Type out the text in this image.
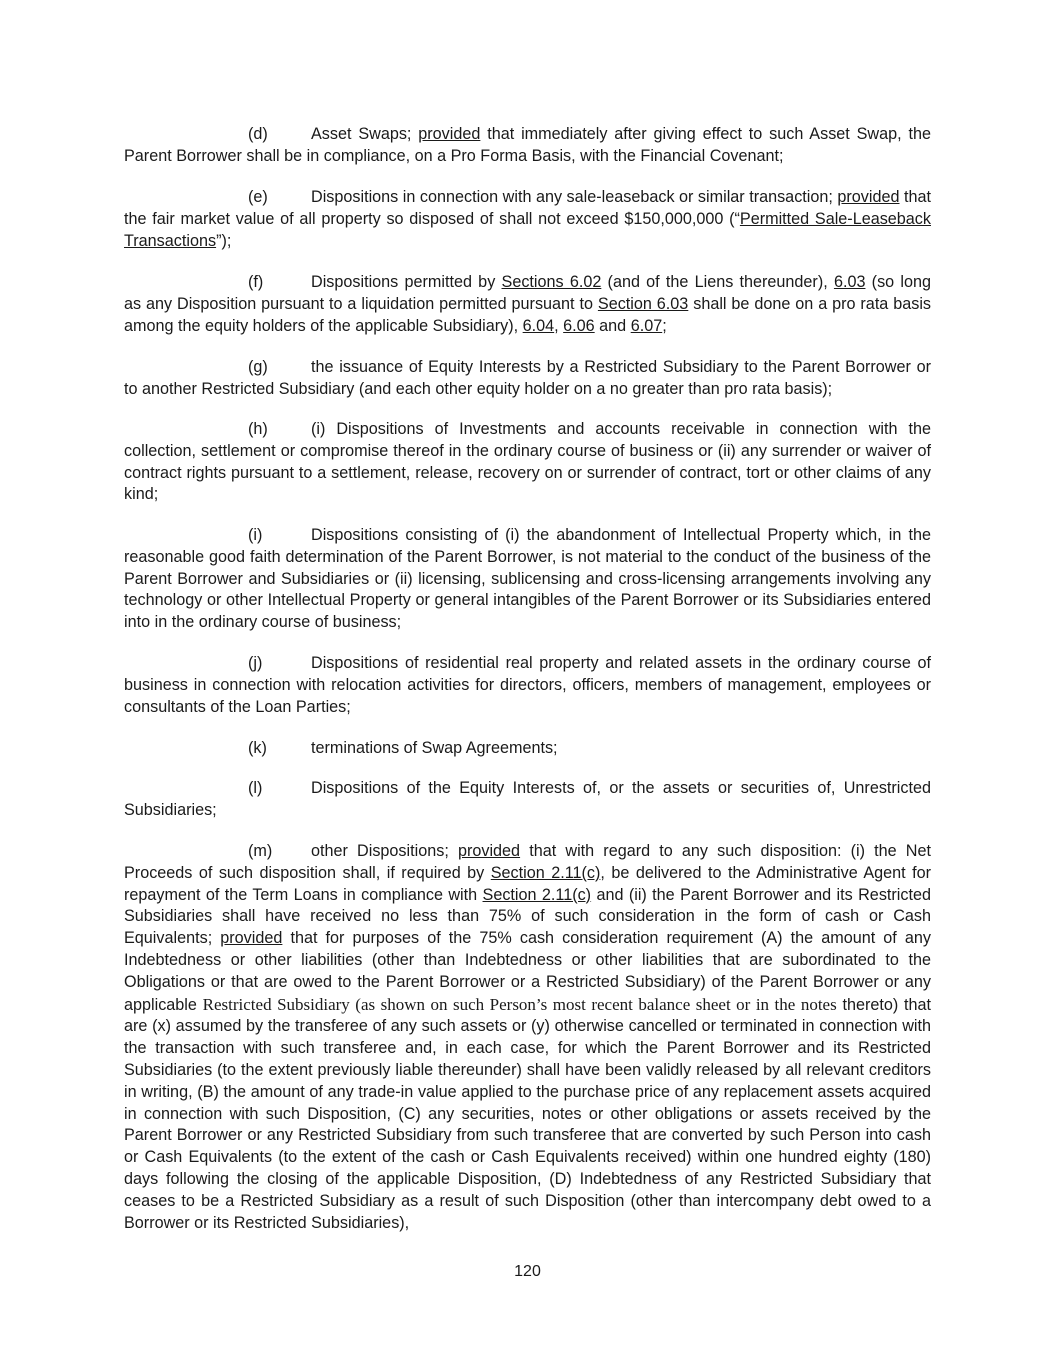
(d)	Asset Swaps; provided that immediately after giving effect to such Asset Swap, the Parent Borrower shall be in compliance, on a Pro Forma Basis, with the Financial Covenant;

(e)	Dispositions in connection with any sale-leaseback or similar transaction; provided that the fair market value of all property so disposed of shall not exceed $150,000,000 (“Permitted Sale-Leaseback Transactions”);

(f)	Dispositions permitted by Sections 6.02 (and of the Liens thereunder), 6.03 (so long as any Disposition pursuant to a liquidation permitted pursuant to Section 6.03 shall be done on a pro rata basis among the equity holders of the applicable Subsidiary), 6.04, 6.06 and 6.07;

(g)	the issuance of Equity Interests by a Restricted Subsidiary to the Parent Borrower or to another Restricted Subsidiary (and each other equity holder on a no greater than pro rata basis);

(h)	(i) Dispositions of Investments and accounts receivable in connection with the collection, settlement or compromise thereof in the ordinary course of business or (ii) any surrender or waiver of contract rights pursuant to a settlement, release, recovery on or surrender of contract, tort or other claims of any kind;

(i)	Dispositions consisting of (i) the abandonment of Intellectual Property which, in the reasonable good faith determination of the Parent Borrower, is not material to the conduct of the business of the Parent Borrower and Subsidiaries or (ii) licensing, sublicensing and cross-licensing arrangements involving any technology or other Intellectual Property or general intangibles of the Parent Borrower or its Subsidiaries entered into in the ordinary course of business;

(j)	Dispositions of residential real property and related assets in the ordinary course of business in connection with relocation activities for directors, officers, members of management, employees or consultants of the Loan Parties;

(k)	terminations of Swap Agreements;

(l)	Dispositions of the Equity Interests of, or the assets or securities of, Unrestricted Subsidiaries;

(m) other Dispositions; provided that with regard to any such disposition: (i) the Net Proceeds of such disposition shall, if required by Section 2.11(c), be delivered to the Administrative Agent for repayment of the Term Loans in compliance with Section 2.11(c) and (ii) the Parent Borrower and its Restricted Subsidiaries shall have received no less than 75% of such consideration in the form of cash or Cash Equivalents; provided that for purposes of the 75% cash consideration requirement (A) the amount of any Indebtedness or other liabilities (other than Indebtedness or other liabilities that are subordinated to the Obligations or that are owed to the Parent Borrower or a Restricted Subsidiary) of the Parent Borrower or any applicable Restricted Subsidiary (as shown on such Person’s most recent balance sheet or in the notes thereto) that are (x) assumed by the transferee of any such assets or (y) otherwise cancelled or terminated in connection with the transaction with such transferee and, in each case, for which the Parent Borrower and its Restricted Subsidiaries (to the extent previously liable thereunder) shall have been validly released by all relevant creditors in writing, (B) the amount of any trade-in value applied to the purchase price of any replacement assets acquired in connection with such Disposition, (C) any securities, notes or other obligations or assets received by the Parent Borrower or any Restricted Subsidiary from such transferee that are converted by such Person into cash or Cash Equivalents (to the extent of the cash or Cash Equivalents received) within one hundred eighty (180) days following the closing of the applicable Disposition, (D) Indebtedness of any Restricted Subsidiary that ceases to be a Restricted Subsidiary as a result of such Disposition (other than intercompany debt owed to a Borrower or its Restricted Subsidiaries),

120
